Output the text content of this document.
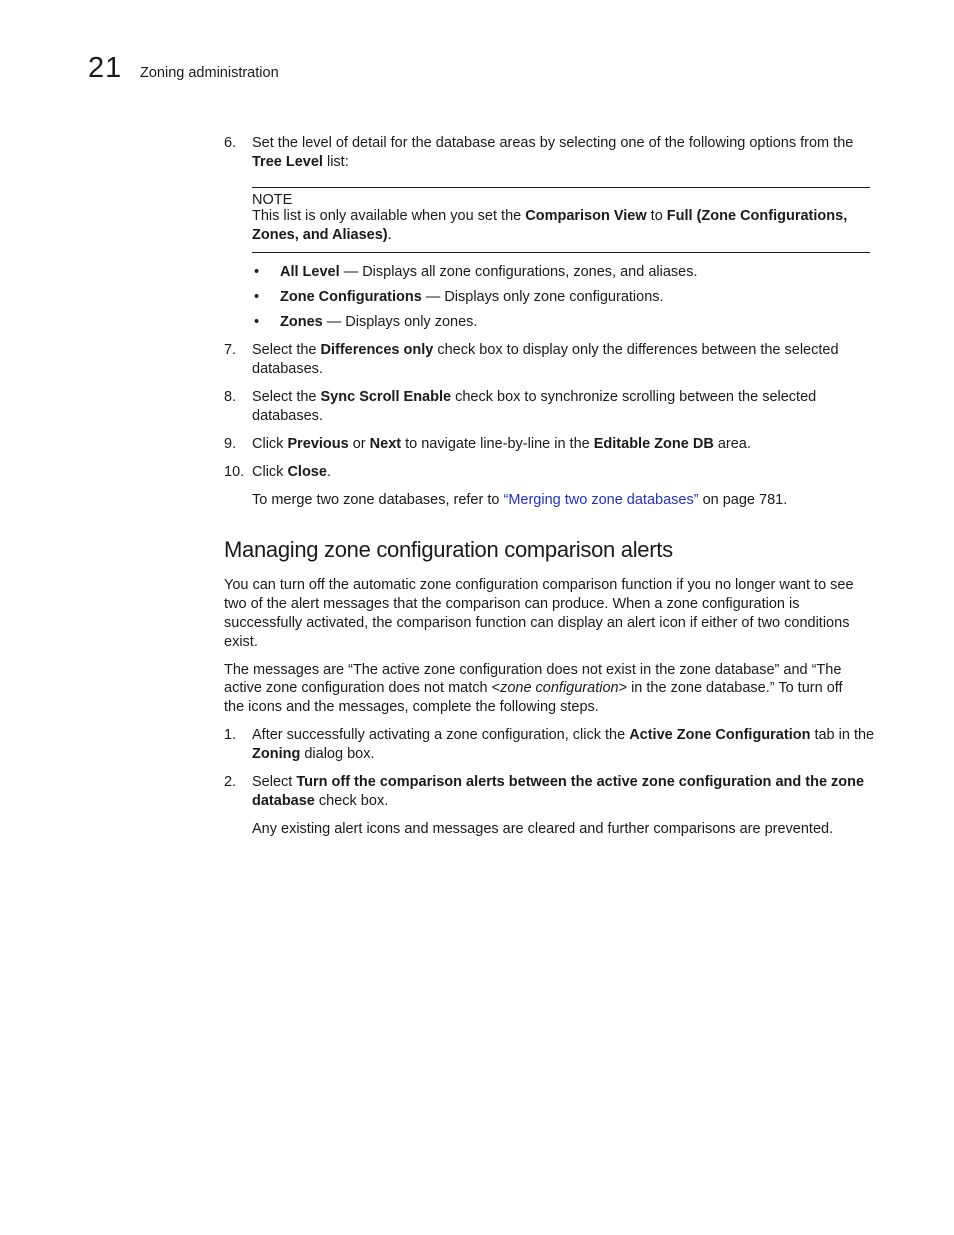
21 Zoning administration
6. Set the level of detail for the database areas by selecting one of the following options from the
Tree Level list:
NOTE
This list is only available when you set the Comparison View to Full (Zone Configurations,
Zones, and Aliases).
• All Level — Displays all zone configurations, zones, and aliases.
• Zone Configurations — Displays only zone configurations.
• Zones — Displays only zones.
7. Select the Differences only check box to display only the differences between the selected
databases.
8. Select the Sync Scroll Enable check box to synchronize scrolling between the selected
databases.
9. Click Previous or Next to navigate line-by-line in the Editable Zone DB area.
10. Click Close.
To merge two zone databases, refer to “Merging two zone databases” on page 781.
Managing zone configuration comparison alerts
You can turn off the automatic zone configuration comparison function if you no longer want to see
two of the alert messages that the comparison can produce. When a zone configuration is
successfully activated, the comparison function can display an alert icon if either of two conditions
exist.
The messages are “The active zone configuration does not exist in the zone database” and “The
active zone configuration does not match <zone configuration> in the zone database.” To turn off
the icons and the messages, complete the following steps.
1. After successfully activating a zone configuration, click the Active Zone Configuration tab in the
Zoning dialog box.
2. Select Turn off the comparison alerts between the active zone configuration and the zone
database check box.
Any existing alert icons and messages are cleared and further comparisons are prevented.
